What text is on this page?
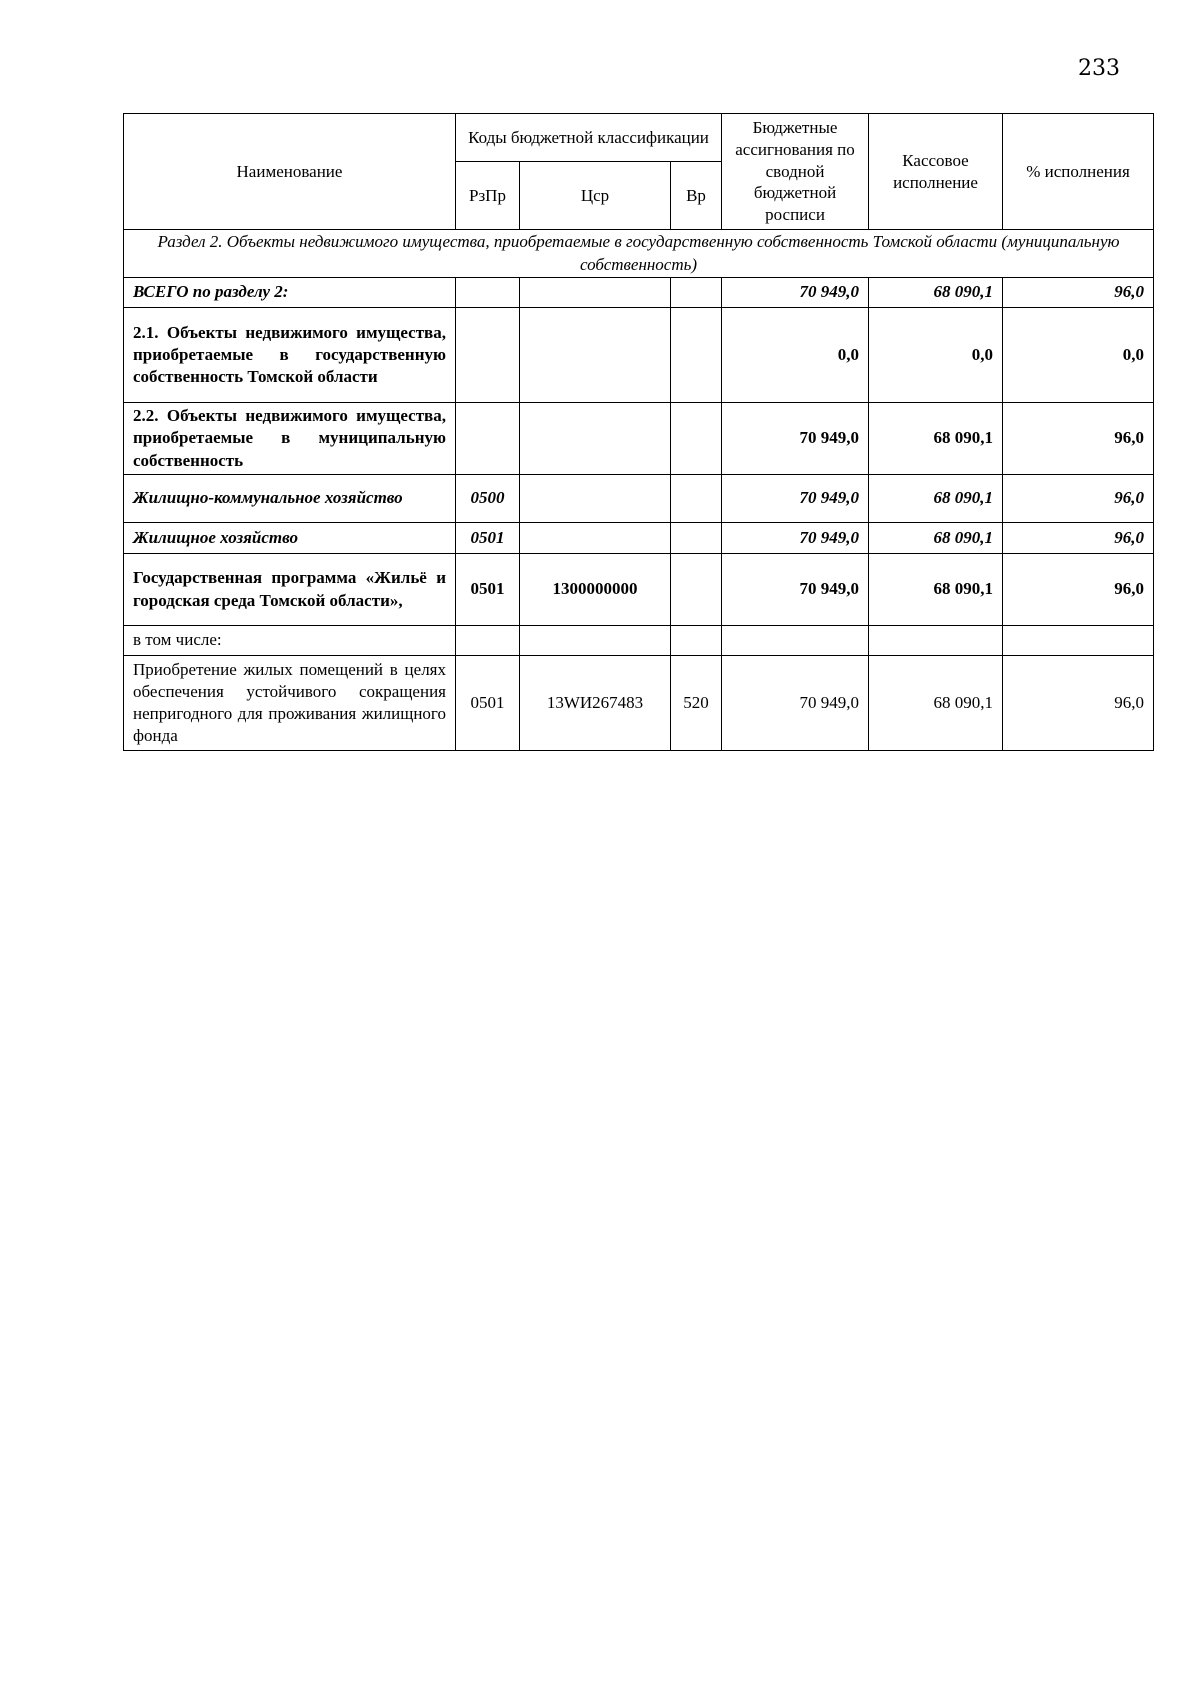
233
Наименование	Коды бюджетной классификации			Бюджетные ассигнования по сводной бюджетной росписи	Кассовое исполнение	% исполнения
	РзПр	Цср	Вр			
Раздел 2. Объекты недвижимого имущества, приобретаемые в государственную собственность Томской области (муниципальную собственность)						
ВСЕГО по разделу 2:				70 949,0	68 090,1	96,0
2.1. Объекты недвижимого имущества, приобретаемые в государственную собственность Томской области				0,0	0,0	0,0
2.2. Объекты недвижимого имущества, приобретаемые в муниципальную собственность				70 949,0	68 090,1	96,0
Жилищно-коммунальное хозяйство	0500			70 949,0	68 090,1	96,0
Жилищное хозяйство	0501			70 949,0	68 090,1	96,0
Государственная программа «Жильё и городская среда Томской области»,	0501	1300000000		70 949,0	68 090,1	96,0
в том числе:						
Приобретение жилых помещений в целях обеспечения устойчивого сокращения непригодного для проживания жилищного фонда	0501	13WИ267483	520	70 949,0	68 090,1	96,0
